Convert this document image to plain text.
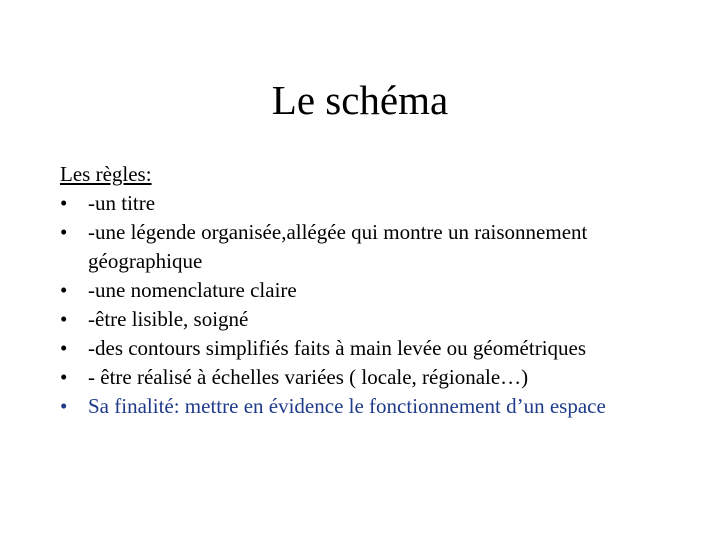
Le schéma

Les règles:

• -un titre
• -une légende organisée,allégée qui montre un raisonnement géographique
• -une nomenclature claire
• -être lisible, soigné
• -des contours simplifiés faits à main levée ou géométriques
• - être réalisé à échelles variées ( locale, régionale…)
• Sa finalité: mettre en évidence le fonctionnement d’un espace
